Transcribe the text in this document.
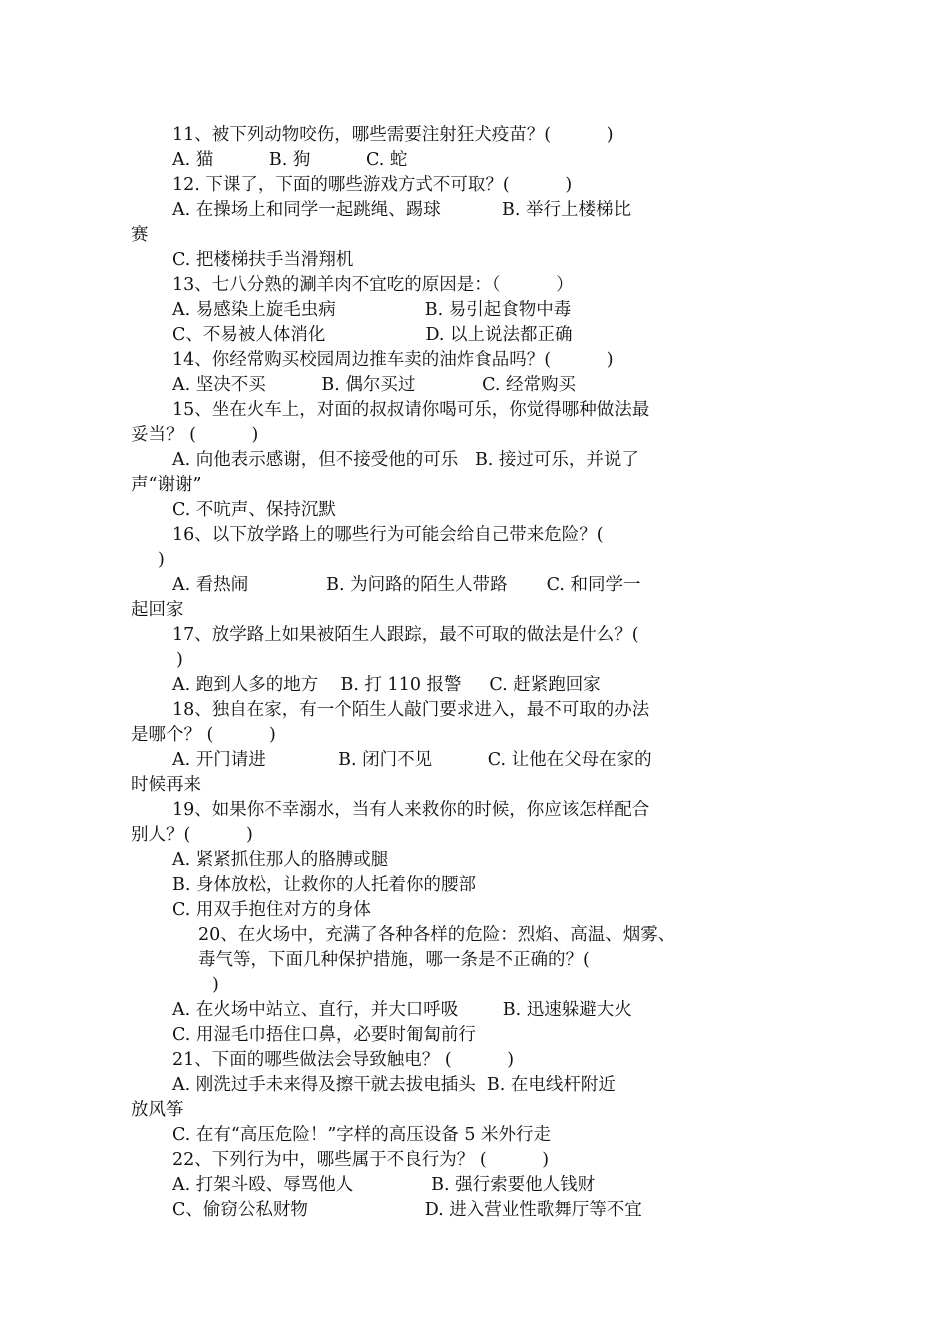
11、被下列动物咬伤，哪些需要注射狂犬疫苗？(          )
A. 猫          B. 狗          C. 蛇
12. 下课了，下面的哪些游戏方式不可取？(          )
A. 在操场上和同学一起跳绳、踢球           B. 举行上楼梯比
赛
C. 把楼梯扶手当滑翔机
13、七八分熟的涮羊肉不宜吃的原因是：（          ）
A. 易感染上旋毛虫病                B. 易引起食物中毒
C、不易被人体消化                  D. 以上说法都正确
14、你经常购买校园周边推车卖的油炸食品吗？(          )
A. 坚决不买          B. 偶尔买过            C. 经常购买
15、坐在火车上，对面的叔叔请你喝可乐，你觉得哪种做法最
妥当？ (          )
A. 向他表示感谢，但不接受他的可乐   B. 接过可乐，并说了
声“谢谢”
C. 不吭声、保持沉默
16、以下放学路上的哪些行为可能会给自己带来危险？(
)
A. 看热闹              B. 为问路的陌生人带路       C. 和同学一
起回家
17、放学路上如果被陌生人跟踪，最不可取的做法是什么？(
)
A. 跑到人多的地方    B. 打 110 报警     C. 赶紧跑回家
18、独自在家，有一个陌生人敲门要求进入，最不可取的办法
是哪个？ (          )
A. 开门请进             B. 闭门不见          C. 让他在父母在家的
时候再来
19、如果你不幸溺水，当有人来救你的时候，你应该怎样配合
别人？(          )
A. 紧紧抓住那人的胳膊或腿
B. 身体放松，让救你的人托着你的腰部
C. 用双手抱住对方的身体
20、在火场中，充满了各种各样的危险：烈焰、高温、烟雾、
毒气等，下面几种保护措施，哪一条是不正确的？(
)
A. 在火场中站立、直行，并大口呼吸        B. 迅速躲避大火
C. 用湿毛巾捂住口鼻，必要时匍匐前行
21、下面的哪些做法会导致触电？ (          )
A. 刚洗过手未来得及擦干就去拔电插头  B. 在电线杆附近
放风筝
C. 在有“高压危险！”字样的高压设备 5 米外行走
22、下列行为中，哪些属于不良行为？ (          )
A. 打架斗殴、辱骂他人              B. 强行索要他人钱财
C、偷窃公私财物                     D. 进入营业性歌舞厅等不宜
